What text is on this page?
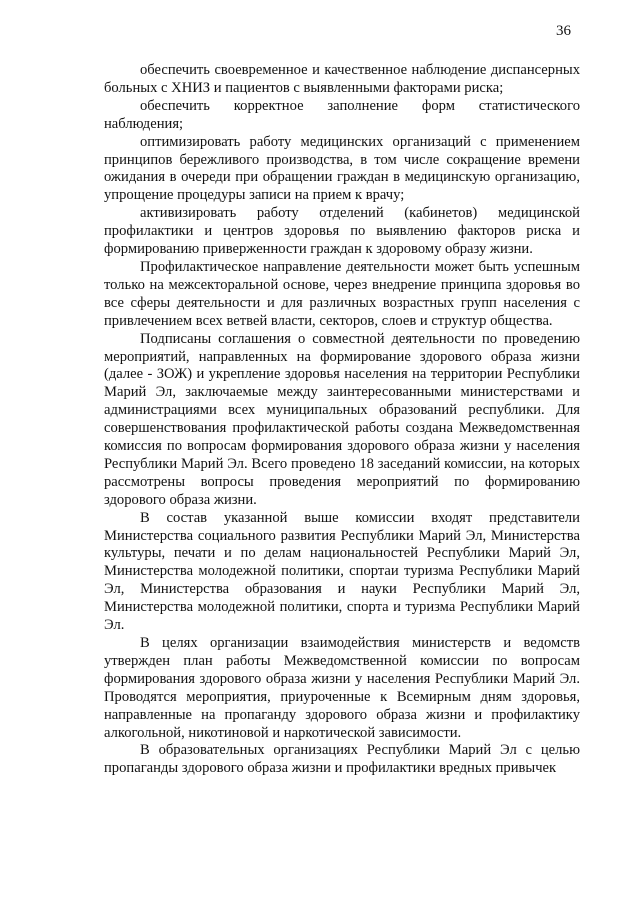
36

обеспечить своевременное и качественное наблюдение диспансерных больных с ХНИЗ и пациентов с выявленными факторами риска;

обеспечить корректное заполнение форм статистического наблюдения;

оптимизировать работу медицинских организаций с применением принципов бережливого производства, в том числе сокращение времени ожидания в очереди при обращении граждан в медицинскую организацию, упрощение процедуры записи на прием к врачу;

активизировать работу отделений (кабинетов) медицинской профилактики и центров здоровья по выявлению факторов риска и формированию приверженности граждан к здоровому образу жизни.

Профилактическое направление деятельности может быть успешным только на межсекторальной основе, через внедрение принципа здоровья во все сферы деятельности и для различных возрастных групп населения с привлечением всех ветвей власти, секторов, слоев и структур общества.

Подписаны соглашения о совместной деятельности по проведению мероприятий, направленных на формирование здорового образа жизни (далее - ЗОЖ) и укрепление здоровья населения на территории Республики Марий Эл, заключаемые между заинтересованными министерствами и администрациями всех муниципальных образований республики. Для совершенствования профилактической работы создана Межведомственная комиссия по вопросам формирования здорового образа жизни у населения Республики Марий Эл. Всего проведено 18 заседаний комиссии, на которых рассмотрены вопросы проведения мероприятий по формированию здорового образа жизни.

В состав указанной выше комиссии входят представители Министерства социального развития Республики Марий Эл, Министерства культуры, печати и по делам национальностей Республики Марий Эл, Министерства молодежной политики, спортаи туризма Республики Марий Эл, Министерства образования и науки Республики Марий Эл, Министерства молодежной политики, спорта и туризма Республики Марий Эл.

В целях организации взаимодействия министерств и ведомств утвержден план работы Межведомственной комиссии по вопросам формирования здорового образа жизни у населения Республики Марий Эл. Проводятся мероприятия, приуроченные к Всемирным дням здоровья, направленные на пропаганду здорового образа жизни и профилактику алкогольной, никотиновой и наркотической зависимости.

В образовательных организациях Республики Марий Эл с целью пропаганды здорового образа жизни и профилактики вредных привычек
